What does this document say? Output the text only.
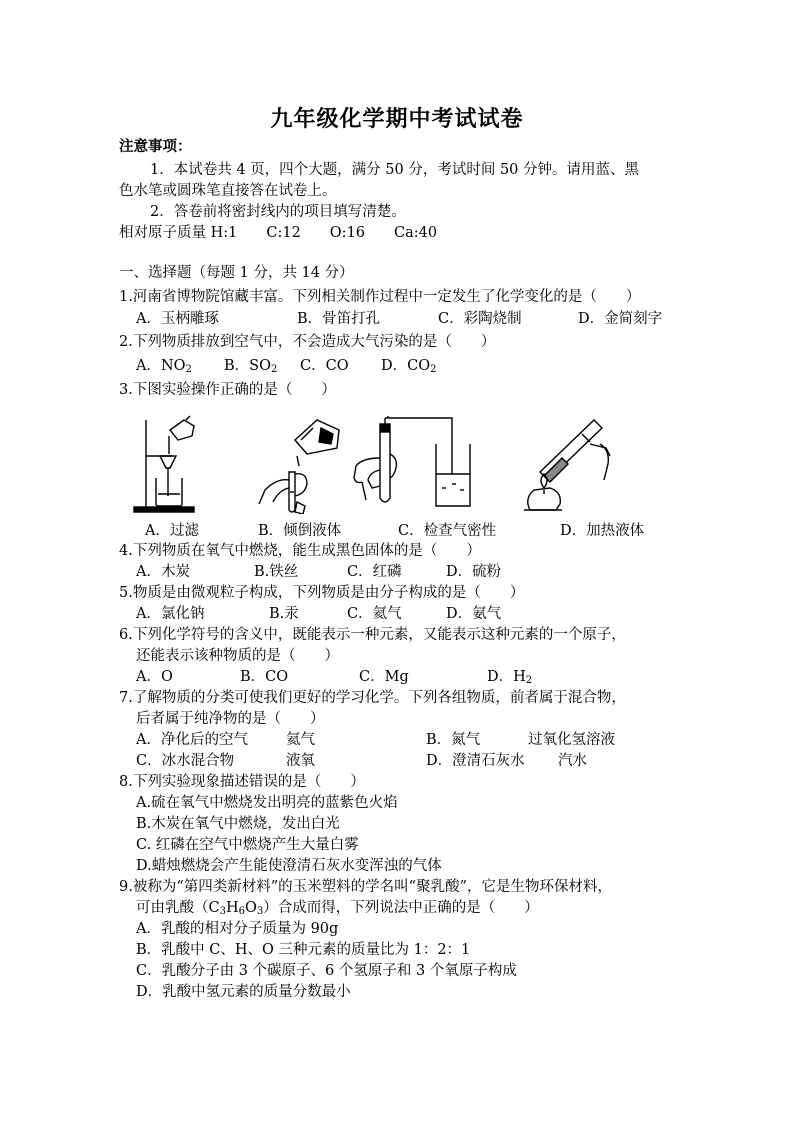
九年级化学期中考试试卷
注意事项：
1．本试卷共 4 页，四个大题，满分 50 分，考试时间 50 分钟。请用蓝、黑
色水笔或圆珠笔直接答在试卷上。
2．答卷前将密封线内的项目填写清楚。
相对原子质量 H:1　　C:12　　O:16　　Ca:40
一、选择题（每题 1 分，共 14 分）
1.河南省博物院馆藏丰富。下列相关制作过程中一定发生了化学变化的是（　　）
A．玉柄雕琢	B．骨笛打孔	C．彩陶烧制	D．金简刻字
2.下列物质排放到空气中，不会造成大气污染的是（　　）
A．$NO_2$ B．$SO_2$ C．CO D．$CO_2$
3.下图实验操作正确的是（　　）
A．过滤	B．倾倒液体	C．检查气密性	D．加热液体
4.下列物质在氧气中燃烧，能生成黑色固体的是（　　）
A．木炭	B.铁丝	C．红磷	D．硫粉
5.物质是由微观粒子构成，下列物质是由分子构成的是（　　）
A．氯化钠	B.汞	C．氦气	D．氨气
6.下列化学符号的含义中，既能表示一种元素，又能表示这种元素的一个原子，
还能表示该种物质的是（　　）
A．O	B．CO	C．Mg	D．$H_2$
7.了解物质的分类可使我们更好的学习化学。下列各组物质，前者属于混合物，
后者属于纯净物的是（　　）
A．净化后的空气	氦气	B．氮气	过氧化氢溶液
C．冰水混合物	液氧	D．澄清石灰水 汽水
8.下列实验现象描述错误的是（　　）
A.硫在氧气中燃烧发出明亮的蓝紫色火焰
B.木炭在氧气中燃烧，发出白光
C. 红磷在空气中燃烧产生大量白雾
D.蜡烛燃烧会产生能使澄清石灰水变浑浊的气体
9.被称为“第四类新材料”的玉米塑料的学名叫“聚乳酸”，它是生物环保材料，
可由乳酸$(C_3H_6O_3)$合成而得，下列说法中正确的是（　　）
A．乳酸的相对分子质量为 90g
B．乳酸中 C、H、O 三种元素的质量比为 1：2：1
C．乳酸分子由 3 个碳原子、6 个氢原子和 3 个氧原子构成
D．乳酸中氢元素的质量分数最小
